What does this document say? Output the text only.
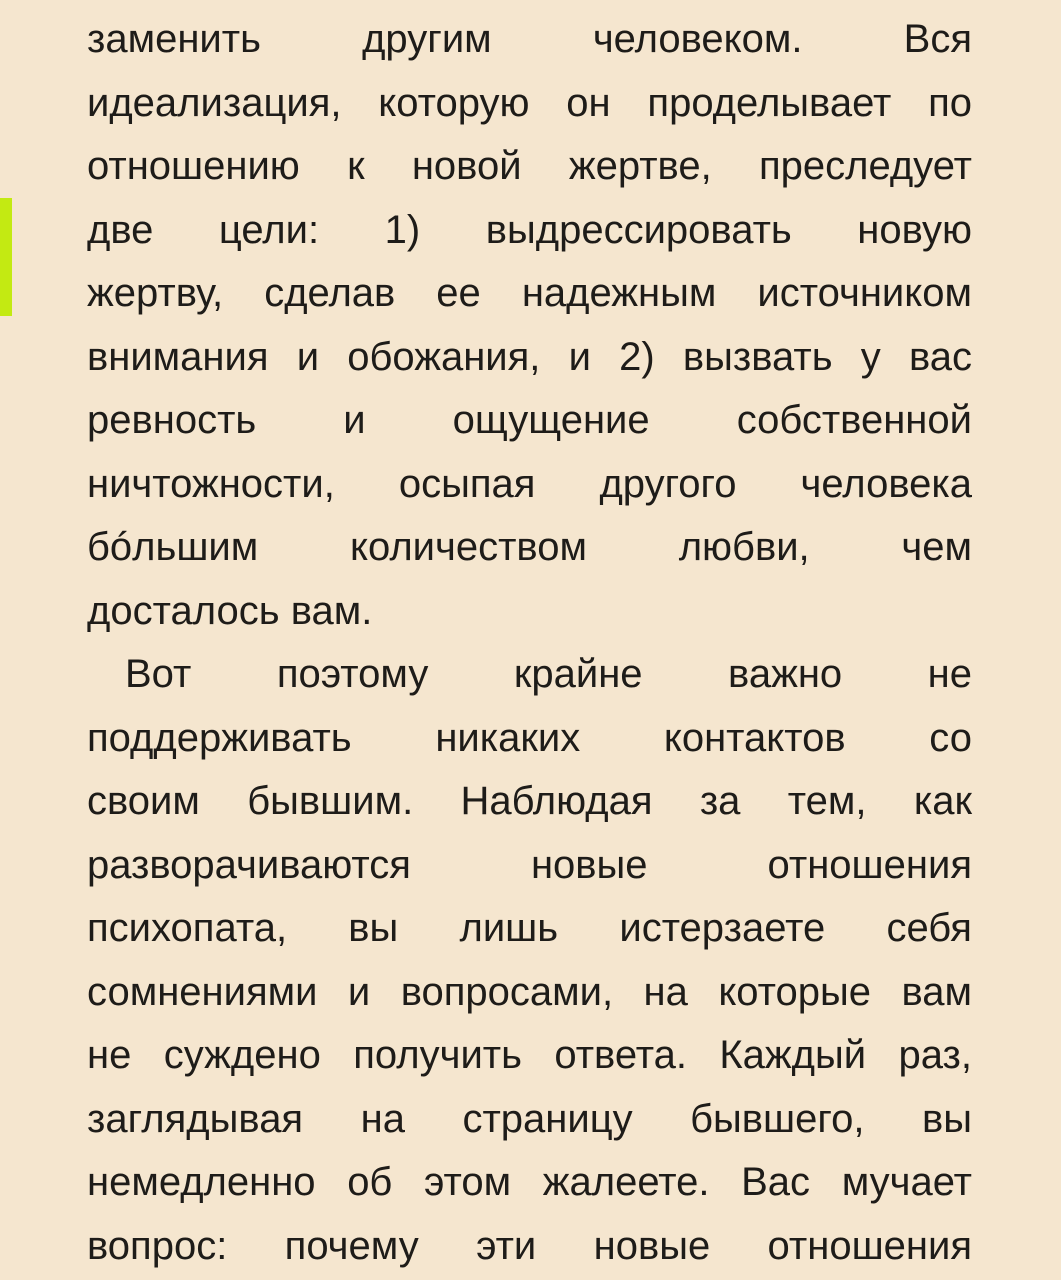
заменить	другим	человеком.	Вся
идеализация, которую он проделывает по
отношению к новой жертве, преследует
две цели: 1) выдрессировать новую
жертву, сделав ее надежным источником
внимания и обожания, и 2) вызвать у вас
ревность и ощущение собственной
ничтожности, осыпая другого человека
бóльшим количеством любви, чем
досталось вам.
Вот поэтому крайне важно не
поддерживать никаких контактов со
своим бывшим. Наблюдая за тем, как
разворачиваются	новые	отношения
психопата, вы лишь истерзаете себя
сомнениями и вопросами, на которые вам
не суждено получить ответа. Каждый раз,
заглядывая на страницу бывшего, вы
немедленно об этом жалеете. Вас мучает
вопрос: почему эти новые отношения
